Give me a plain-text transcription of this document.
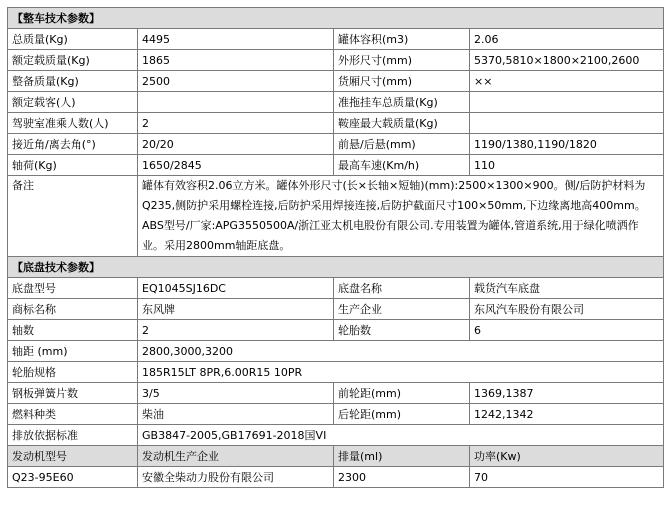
【整车技术参数】			
总质量(Kg)	4495	罐体容积(m3)	2.06
额定载质量(Kg)	1865	外形尺寸(mm)	5370,5810×1800×2100,2600
整备质量(Kg)	2500	货厢尺寸(mm)	××
额定载客(人)		准拖挂车总质量(Kg)	
驾驶室准乘人数(人)	2	鞍座最大载质量(Kg)	
接近角/离去角(°)	20/20	前悬/后悬(mm)	1190/1380,1190/1820
轴荷(Kg)	1650/2845	最高车速(Km/h)	110
备注	罐体有效容积2.06立方米。罐体外形尺寸(长×长轴×短轴)(mm):2500×1300×900。侧/后防护材料为Q235,侧防护采用螺栓连接,后防护采用焊接连接,后防护截面尺寸100×50mm,下边缘离地高400mm。ABS型号/厂家:APG3550500A/浙江亚太机电股份有限公司.专用装置为罐体,管道系统,用于绿化喷洒作业。采用2800mm轴距底盘。		
【底盘技术参数】			
底盘型号	EQ1045SJ16DC	底盘名称	载货汽车底盘
商标名称	东风牌	生产企业	东风汽车股份有限公司
轴数	2	轮胎数	6
轴距 (mm)	2800,3000,3200		
轮胎规格	185R15LT 8PR,6.00R15 10PR		
钢板弹簧片数	3/5	前轮距(mm)	1369,1387
燃料种类	柴油	后轮距(mm)	1242,1342
排放依据标准	GB3847-2005,GB17691-2018国VI		
发动机型号	发动机生产企业	排量(ml)	功率(Kw)
Q23-95E60	安徽全柴动力股份有限公司	2300	70
